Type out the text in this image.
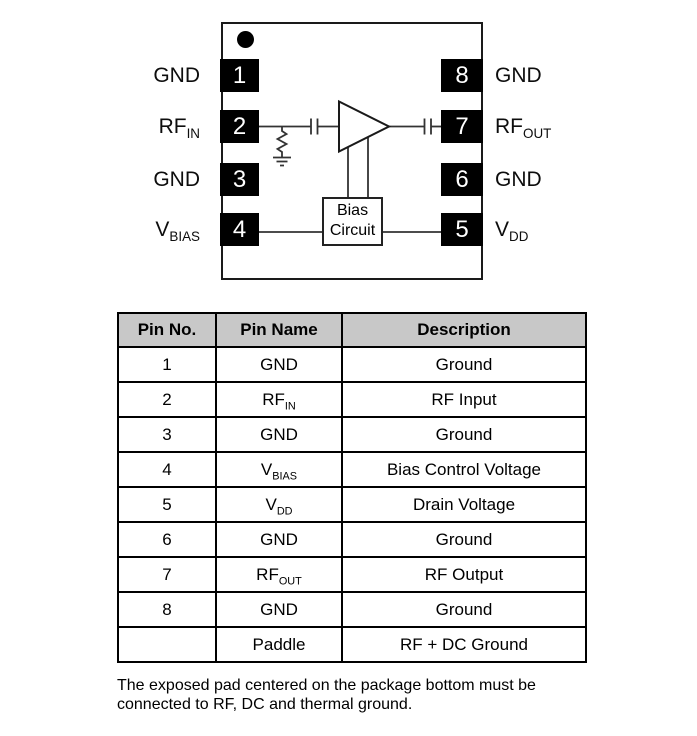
Bias
Circuit
1
2
3
4
8
7
6
5
GND
$RF_{IN}$
GND
$V_{BIAS}$
GND
$RF_{OUT}$
GND
$V_{DD}$
Pin No.	Pin Name	Description
1	GND	Ground
2	$RF_{IN}$	RF Input
3	GND	Ground
4	$V_{BIAS}$	Bias Control Voltage
5	$V_{DD}$	Drain Voltage
6	GND	Ground
7	$RF_{OUT}$	RF Output
8	GND	Ground
	Paddle	RF + DC Ground
The exposed pad centered on the package bottom must be connected to RF, DC and thermal ground.
